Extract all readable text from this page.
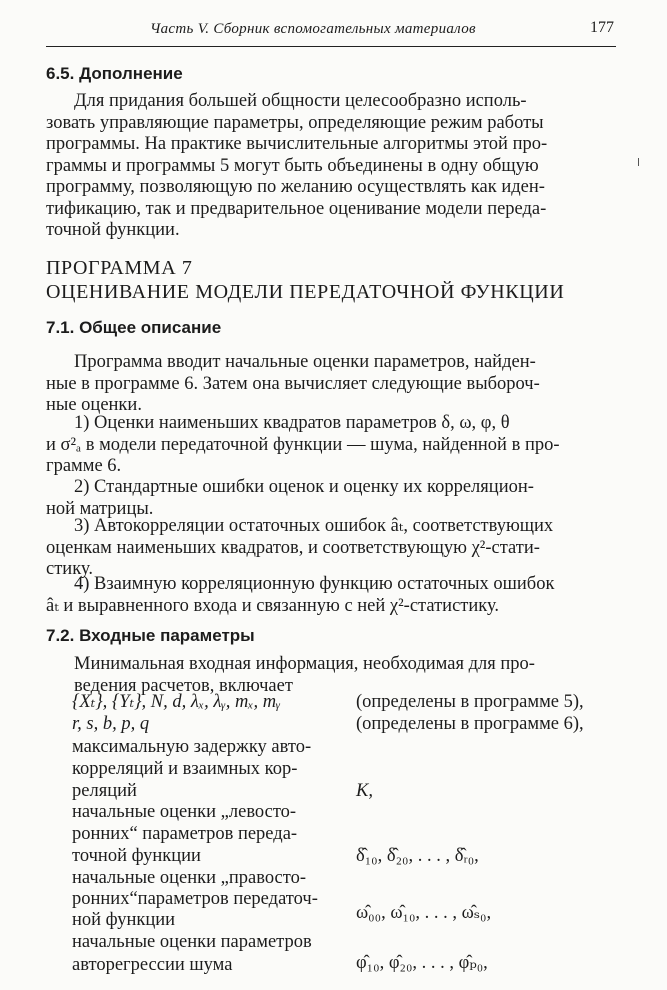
Часть V. Сборник вспомогательных материалов	177
6.5. Дополнение
Для придания большей общности целесообразно исполь-
зовать управляющие параметры, определяющие режим работы
программы. На практике вычислительные алгоритмы этой про-
граммы и программы 5 могут быть объединены в одну общую
программу, позволяющую по желанию осуществлять как иден-
тификацию, так и предварительное оценивание модели переда-
точной функции.
ПРОГРАММА 7
ОЦЕНИВАНИЕ МОДЕЛИ ПЕРЕДАТОЧНОЙ ФУНКЦИИ
7.1. Общее описание
Программа вводит начальные оценки параметров, найден-
ные в программе 6. Затем она вычисляет следующие выбороч-
ные оценки.
1) Оценки наименьших квадратов параметров δ, ω, φ, θ
и σ²ₐ в модели передаточной функции — шума, найденной в про-
грамме 6.
2) Стандартные ошибки оценок и оценку их корреляцион-
ной матрицы.
3) Автокорреляции остаточных ошибок âₜ, соответствующих
оценкам наименьших квадратов, и соответствующую χ²-стати-
стику.
4) Взаимную корреляционную функцию остаточных ошибок
âₜ и выравненного входа и связанную с ней χ²-статистику.
7.2. Входные параметры
Минимальная входная информация, необходимая для про-
ведения расчетов, включает
{Xₜ}, {Yₜ}, N, d, λₓ, λᵧ, mₓ, mᵧ	(определены в программе 5),
r, s, b, p, q	(определены в программе 6),
максимальную задержку авто-
корреляций и взаимных кор-
реляций	K,
начальные оценки „левосто-
ронних“ параметров переда-
точной функции	δ̂₁₀, δ̂₂₀, . . . , δ̂ᵣ₀,
начальные оценки „правосто-
ронних“параметров передаточ-
ной функции	ω̂₀₀, ω̂₁₀, . . . , ω̂ₛ₀,
начальные оценки параметров
авторегрессии шума	φ̂₁₀, φ̂₂₀, . . . , φ̂ₚ₀,
